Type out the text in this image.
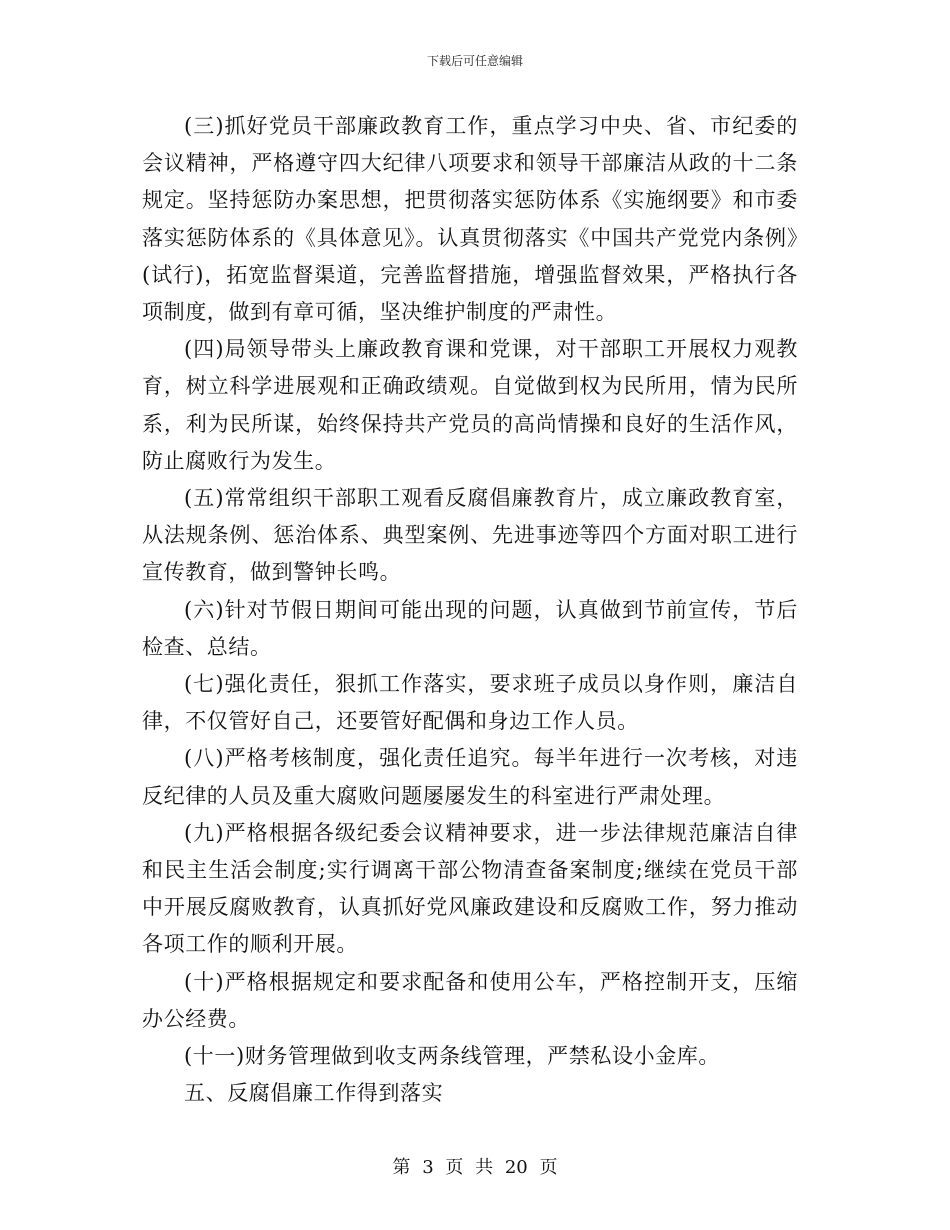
下载后可任意编辑

(三)抓好党员干部廉政教育工作，重点学习中央、省、市纪委的会议精神，严格遵守四大纪律八项要求和领导干部廉洁从政的十二条规定。坚持惩防办案思想，把贯彻落实惩防体系《实施纲要》和市委落实惩防体系的《具体意见》。认真贯彻落实《中国共产党党内条例》(试行)，拓宽监督渠道，完善监督措施，增强监督效果，严格执行各项制度，做到有章可循，坚决维护制度的严肃性。

(四)局领导带头上廉政教育课和党课，对干部职工开展权力观教育，树立科学进展观和正确政绩观。自觉做到权为民所用，情为民所系，利为民所谋，始终保持共产党员的高尚情操和良好的生活作风，防止腐败行为发生。

(五)常常组织干部职工观看反腐倡廉教育片，成立廉政教育室，从法规条例、惩治体系、典型案例、先进事迹等四个方面对职工进行宣传教育，做到警钟长鸣。

(六)针对节假日期间可能出现的问题，认真做到节前宣传，节后检查、总结。

(七)强化责任，狠抓工作落实，要求班子成员以身作则，廉洁自律，不仅管好自己，还要管好配偶和身边工作人员。

(八)严格考核制度，强化责任追究。每半年进行一次考核，对违反纪律的人员及重大腐败问题屡屡发生的科室进行严肃处理。

(九)严格根据各级纪委会议精神要求，进一步法律规范廉洁自律和民主生活会制度;实行调离干部公物清查备案制度;继续在党员干部中开展反腐败教育，认真抓好党风廉政建设和反腐败工作，努力推动各项工作的顺利开展。

(十)严格根据规定和要求配备和使用公车，严格控制开支，压缩办公经费。

(十一)财务管理做到收支两条线管理，严禁私设小金库。

五、反腐倡廉工作得到落实

第 3 页 共 20 页
